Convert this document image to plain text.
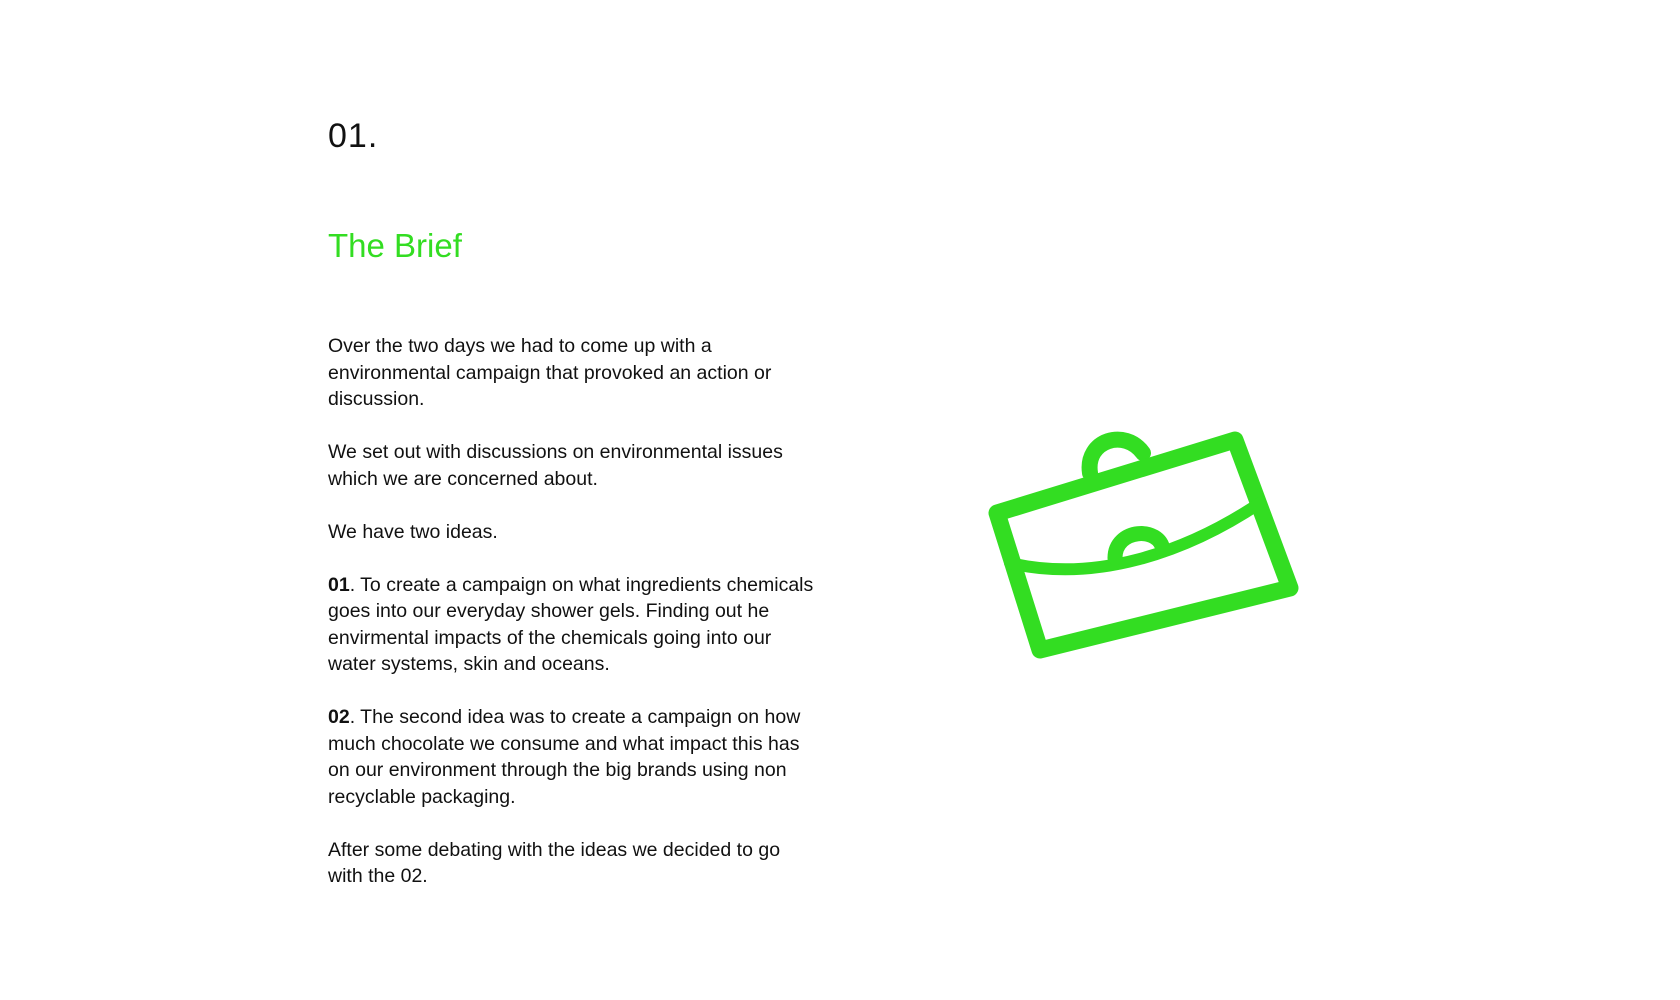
01.
The Brief

Over the two days we had to come up with a environmental campaign that provoked an action or discussion.

We set out with discussions on environmental issues which we are concerned about.

We have two ideas.

01. To create a campaign on what ingredients chemicals goes into our everyday shower gels. Finding out he envirmental impacts of the chemicals going into our water systems, skin and oceans.

02. The second idea was to create a campaign on how much chocolate we consume and what impact this has on our environment through the big brands using non recyclable packaging.

After some debating with the ideas we decided to go with the 02.
